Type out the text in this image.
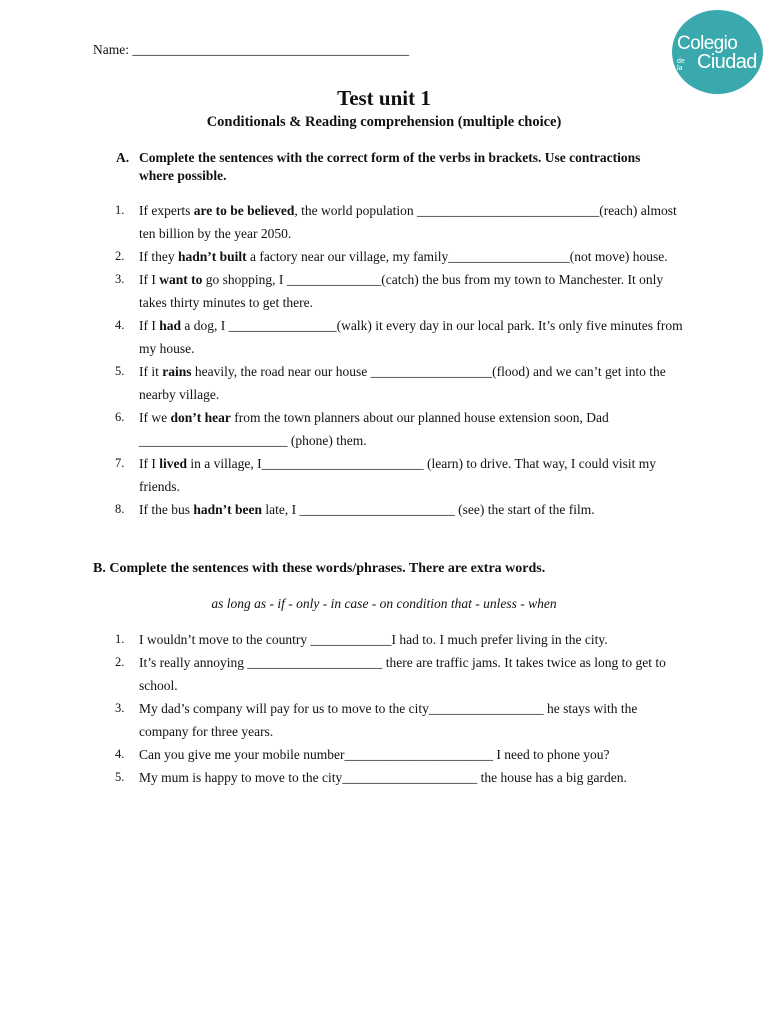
Name: _________________________________________	Colegio
de
la Ciudad
Test unit 1
Conditionals & Reading comprehension (multiple choice)
A. Complete the sentences with the correct form of the verbs in brackets. Use contractions where possible.
1. If experts are to be believed, the world population ___________________________(reach) almost ten billion by the year 2050.
2. If they hadn’t built a factory near our village, my family__________________(not move) house.
3. If I want to go shopping, I ______________(catch) the bus from my town to Manchester. It only takes thirty minutes to get there.
4. If I had a dog, I ________________(walk) it every day in our local park. It’s only five minutes from my house.
5. If it rains heavily, the road near our house __________________(flood) and we can’t get into the nearby village.
6. If we don’t hear from the town planners about our planned house extension soon, Dad ______________________ (phone) them.
7. If I lived in a village, I________________________ (learn) to drive. That way, I could visit my friends.
8. If the bus hadn’t been late, I _______________________ (see) the start of the film.
B. Complete the sentences with these words/phrases. There are extra words.
as long as - if - only - in case - on condition that - unless - when
1. I wouldn’t move to the country ____________I had to. I much prefer living in the city.
2. It’s really annoying ____________________ there are traffic jams. It takes twice as long to get to school.
3. My dad’s company will pay for us to move to the city_________________ he stays with the company for three years.
4. Can you give me your mobile number______________________ I need to phone you?
5. My mum is happy to move to the city____________________ the house has a big garden.
